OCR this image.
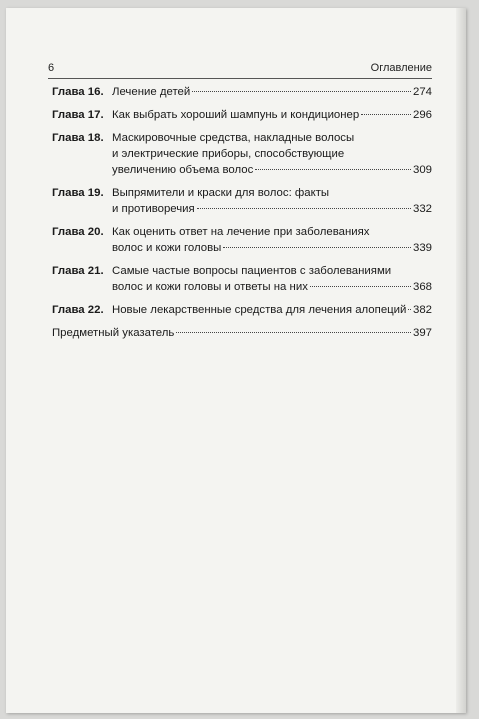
6	Оглавление
Глава 16. Лечение детей	274
Глава 17. Как выбрать хороший шампунь и кондиционер	296
Глава 18. Маскировочные средства, накладные волосы
и электрические приборы, способствующие
увеличению объема волос	309
Глава 19. Выпрямители и краски для волос: факты
и противоречия	332
Глава 20. Как оценить ответ на лечение при заболеваниях
волос и кожи головы	339
Глава 21. Самые частые вопросы пациентов с заболеваниями
волос и кожи головы и ответы на них	368
Глава 22. Новые лекарственные средства для лечения алопеций 382
Предметный указатель	397
